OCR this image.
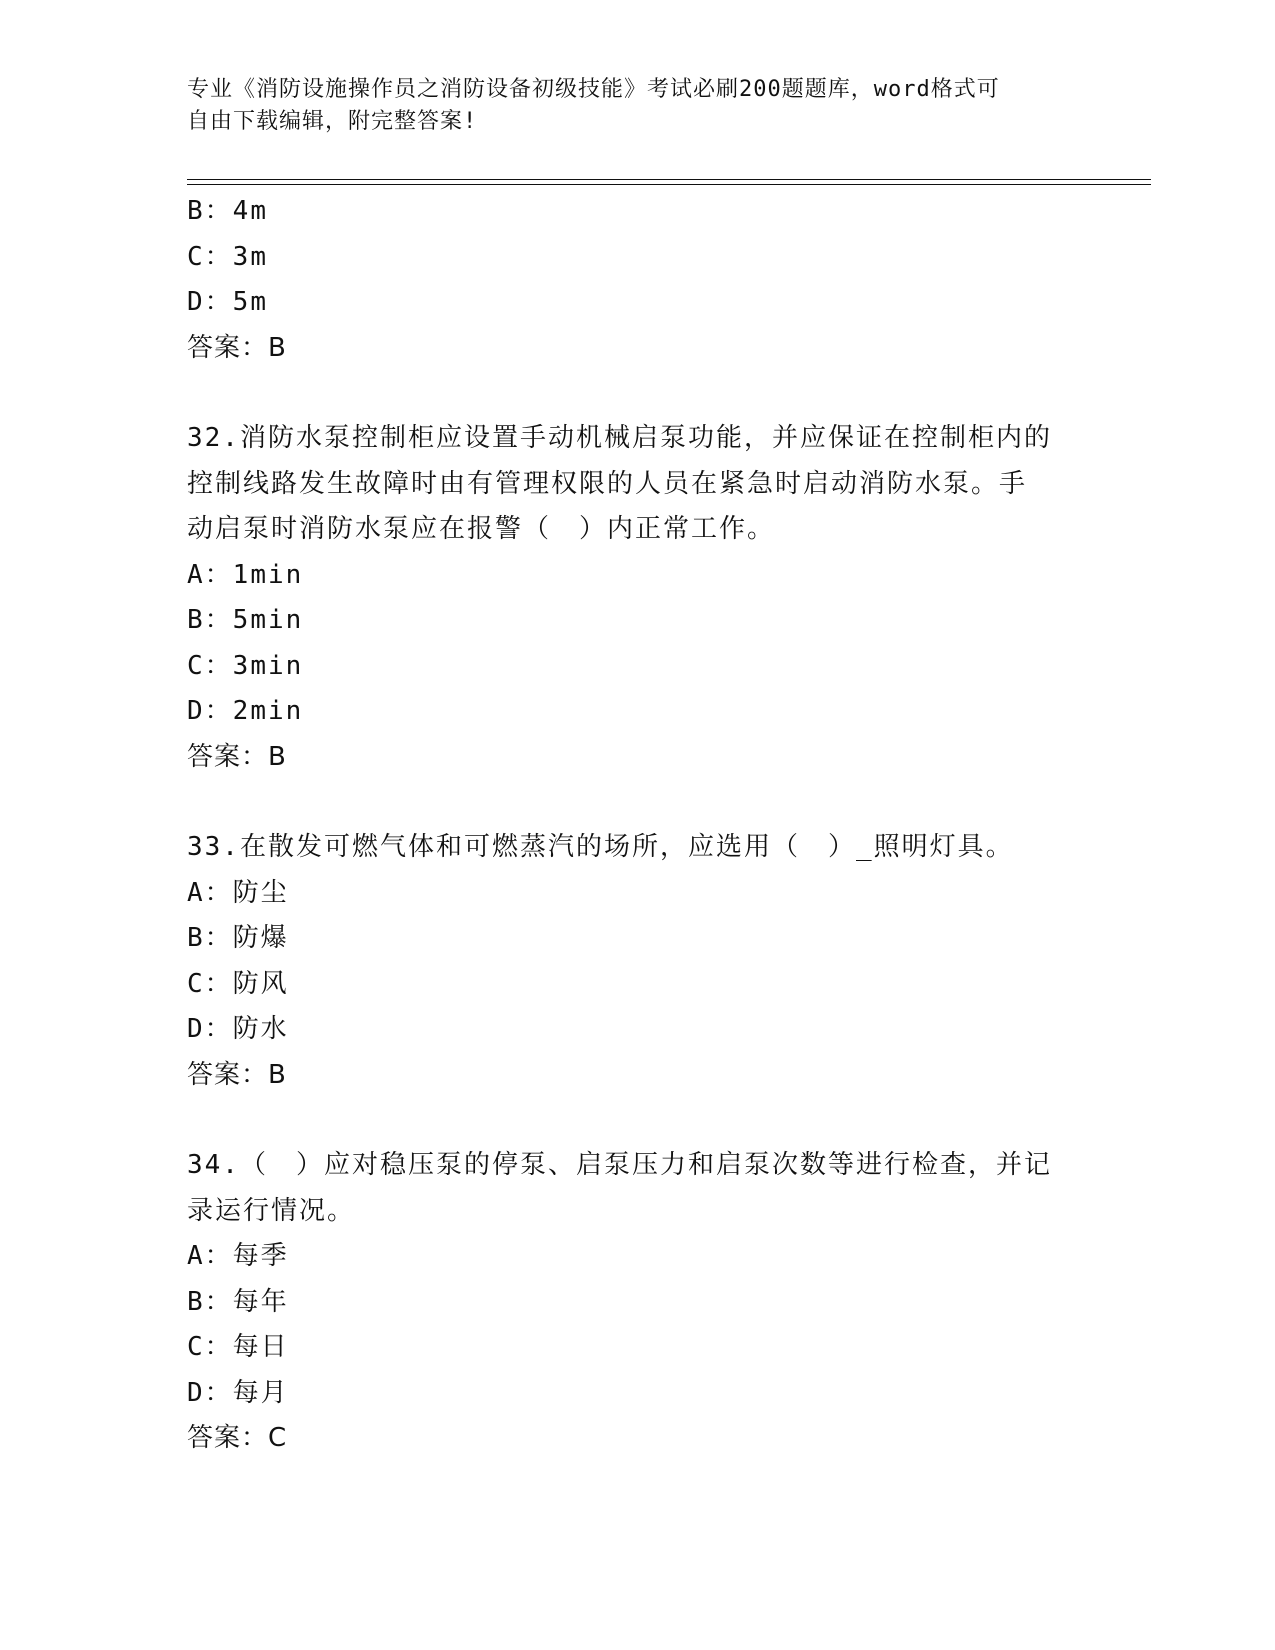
专业《消防设施操作员之消防设备初级技能》考试必刷200题题库，word格式可
自由下载编辑，附完整答案!
B：4m
C：3m
D：5m
答案：B
32.消防水泵控制柜应设置手动机械启泵功能，并应保证在控制柜内的
控制线路发生故障时由有管理权限的人员在紧急时启动消防水泵。手
动启泵时消防水泵应在报警（　）内正常工作。
A：1min
B：5min
C：3min
D：2min
答案：B
33.在散发可燃气体和可燃蒸汽的场所，应选用（　）_照明灯具。
A：防尘
B：防爆
C：防风
D：防水
答案：B
34.（　）应对稳压泵的停泵、启泵压力和启泵次数等进行检查，并记
录运行情况。
A：每季
B：每年
C：每日
D：每月
答案：C
